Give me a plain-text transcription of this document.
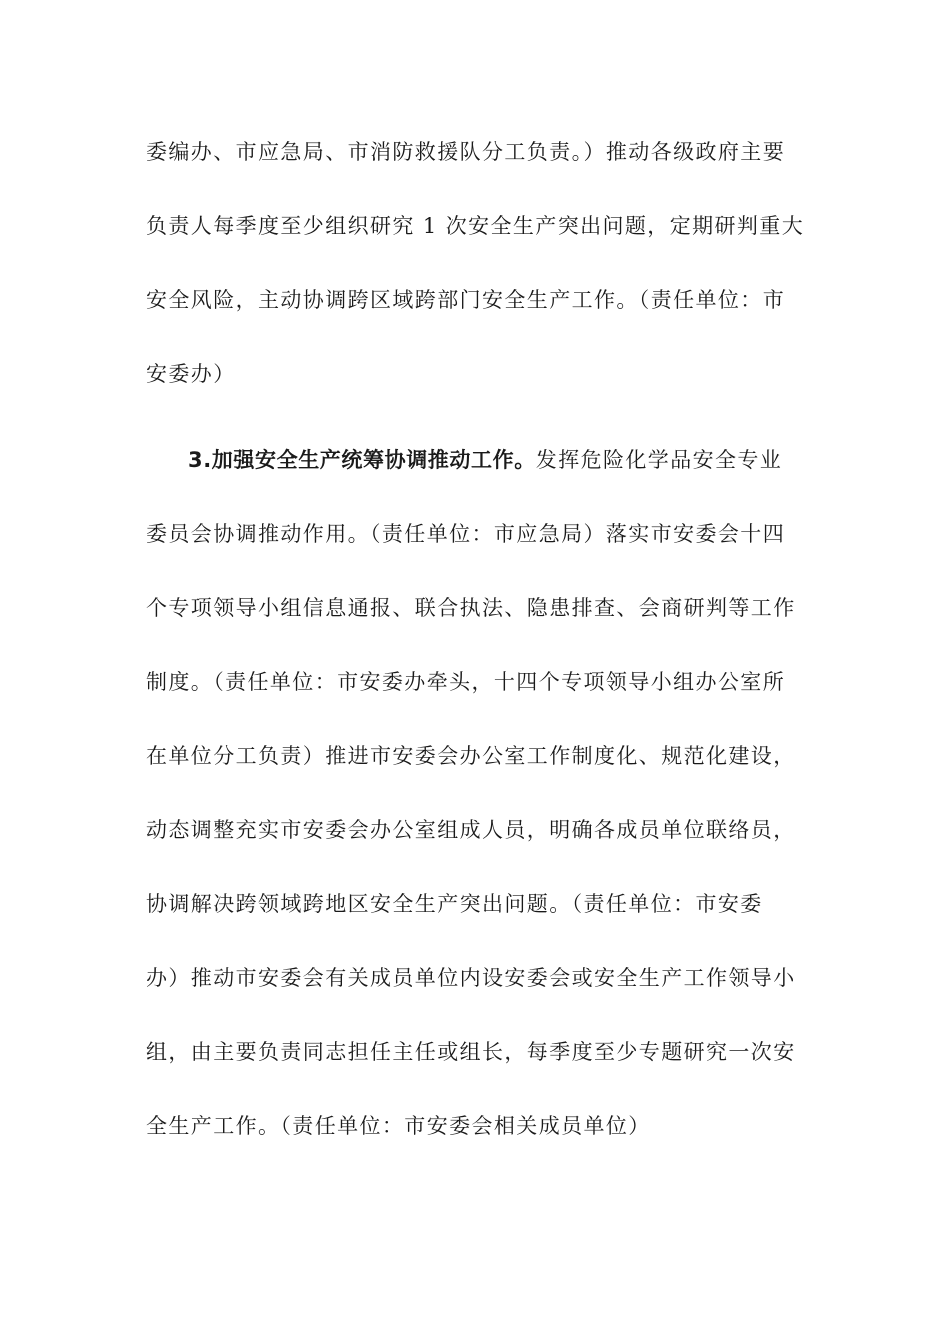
委编办、市应急局、市消防救援队分工负责。）推动各级政府主要
负责人每季度至少组织研究 1 次安全生产突出问题，定期研判重大
安全风险，主动协调跨区域跨部门安全生产工作。（责任单位：市
安委办）
3.加强安全生产统筹协调推动工作。发挥危险化学品安全专业
委员会协调推动作用。（责任单位：市应急局）落实市安委会十四
个专项领导小组信息通报、联合执法、隐患排查、会商研判等工作
制度。（责任单位：市安委办牵头，十四个专项领导小组办公室所
在单位分工负责）推进市安委会办公室工作制度化、规范化建设，
动态调整充实市安委会办公室组成人员，明确各成员单位联络员，
协调解决跨领域跨地区安全生产突出问题。（责任单位：市安委
办）推动市安委会有关成员单位内设安委会或安全生产工作领导小
组，由主要负责同志担任主任或组长，每季度至少专题研究一次安
全生产工作。（责任单位：市安委会相关成员单位）
